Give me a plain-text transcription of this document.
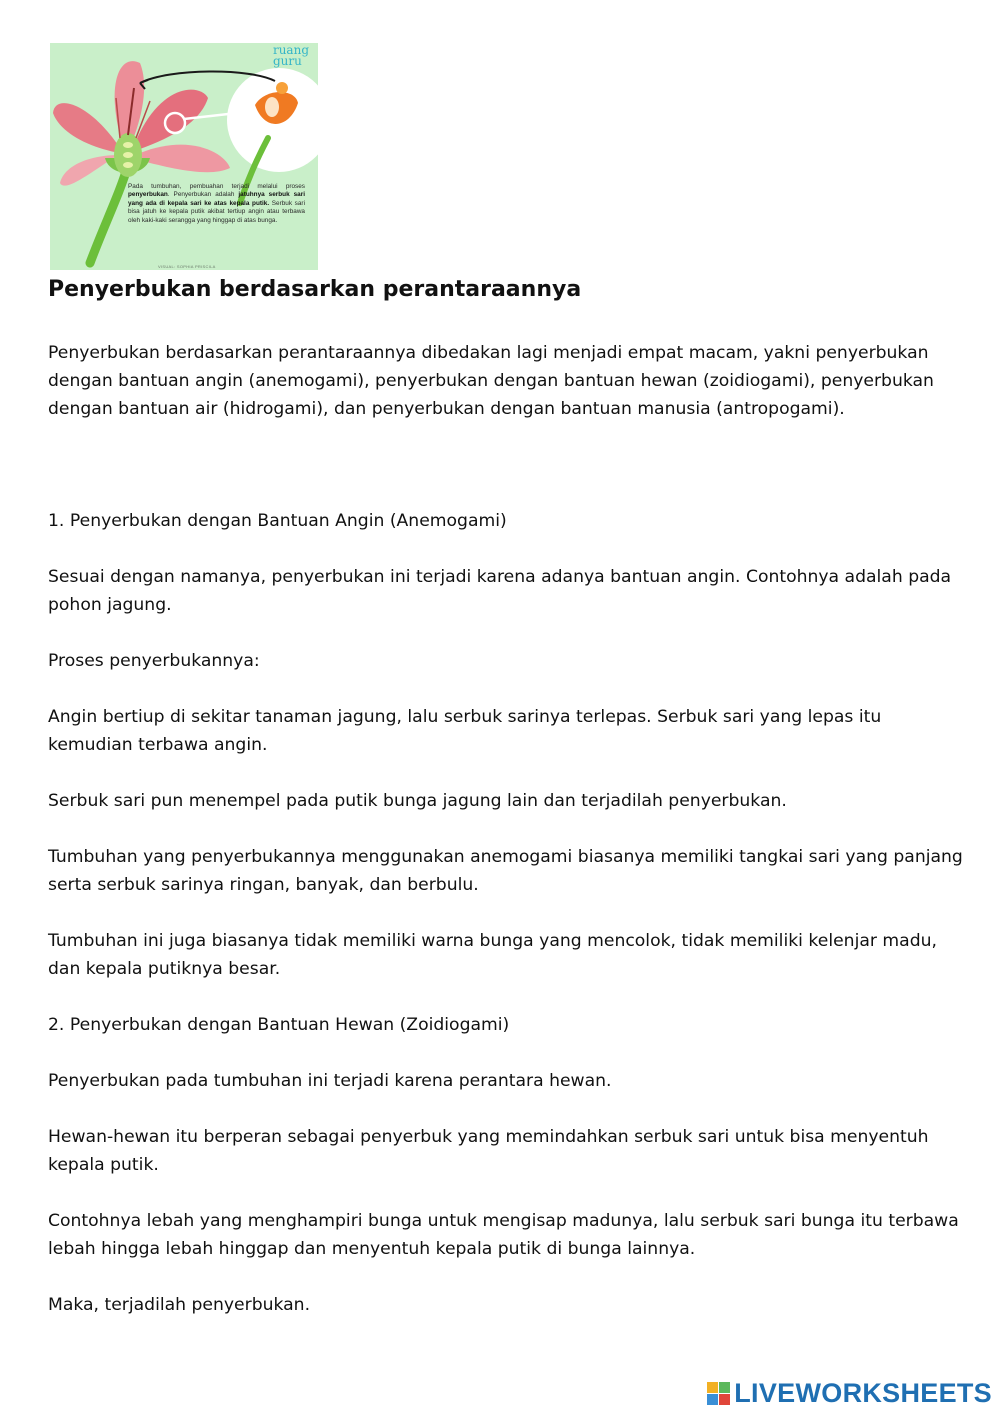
ruang
guru
Pada tumbuhan, pembuahan terjadi melalui proses penyerbukan. Penyerbukan adalah jatuhnya serbuk sari yang ada di kepala sari ke atas kepala putik. Serbuk sari bisa jatuh ke kepala putik akibat tertiup angin atau terbawa oleh kaki-kaki serangga yang hinggap di atas bunga.
VISUAL: SOPHIA PRISCILA
Penyerbukan berdasarkan perantaraannya

Penyerbukan berdasarkan perantaraannya dibedakan lagi menjadi empat macam, yakni penyerbukan dengan bantuan angin (anemogami), penyerbukan dengan bantuan hewan (zoidiogami), penyerbukan dengan bantuan air (hidrogami), dan penyerbukan dengan bantuan manusia (antropogami).

1. Penyerbukan dengan Bantuan Angin (Anemogami)

Sesuai dengan namanya, penyerbukan ini terjadi karena adanya bantuan angin. Contohnya adalah pada pohon jagung.

Proses penyerbukannya:

Angin bertiup di sekitar tanaman jagung, lalu serbuk sarinya terlepas. Serbuk sari yang lepas itu kemudian terbawa angin.

Serbuk sari pun menempel pada putik bunga jagung lain dan terjadilah penyerbukan.

Tumbuhan yang penyerbukannya menggunakan anemogami biasanya memiliki tangkai sari yang panjang serta serbuk sarinya ringan, banyak, dan berbulu.

Tumbuhan ini juga biasanya tidak memiliki warna bunga yang mencolok, tidak memiliki kelenjar madu, dan kepala putiknya besar.

2. Penyerbukan dengan Bantuan Hewan (Zoidiogami)

Penyerbukan pada tumbuhan ini terjadi karena perantara hewan.

Hewan-hewan itu berperan sebagai penyerbuk yang memindahkan serbuk sari untuk bisa menyentuh kepala putik.

Contohnya lebah yang menghampiri bunga untuk mengisap madunya, lalu serbuk sari bunga itu terbawa lebah hingga lebah hinggap dan menyentuh kepala putik di bunga lainnya.

Maka, terjadilah penyerbukan.

LIVEWORKSHEETS
